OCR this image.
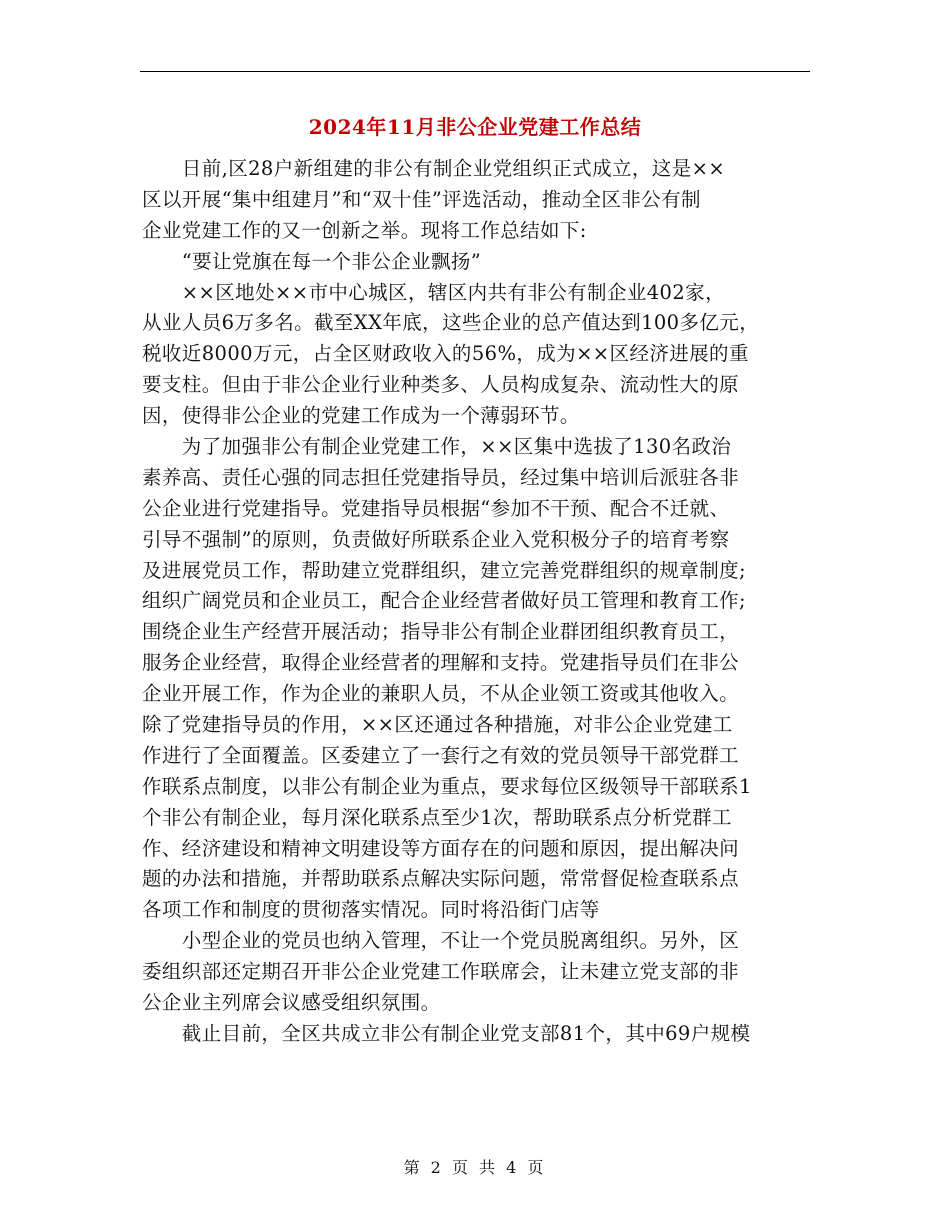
2024年11月非公企业党建工作总结
　　日前,区28户新组建的非公有制企业党组织正式成立，这是××
区以开展“集中组建月”和“双十佳”评选活动，推动全区非公有制
企业党建工作的又一创新之举。现将工作总结如下:
　　“要让党旗在每一个非公企业飘扬”
　　××区地处××市中心城区，辖区内共有非公有制企业402家，
从业人员6万多名。截至XX年底，这些企业的总产值达到100多亿元，
税收近8000万元，占全区财政收入的56%，成为××区经济进展的重
要支柱。但由于非公企业行业种类多、人员构成复杂、流动性大的原
因，使得非公企业的党建工作成为一个薄弱环节。
　　为了加强非公有制企业党建工作，××区集中选拔了130名政治
素养高、责任心强的同志担任党建指导员，经过集中培训后派驻各非
公企业进行党建指导。党建指导员根据“参加不干预、配合不迁就、
引导不强制”的原则，负责做好所联系企业入党积极分子的培育考察
及进展党员工作，帮助建立党群组织，建立完善党群组织的规章制度;
组织广阔党员和企业员工，配合企业经营者做好员工管理和教育工作;
围绕企业生产经营开展活动；指导非公有制企业群团组织教育员工，
服务企业经营，取得企业经营者的理解和支持。党建指导员们在非公
企业开展工作，作为企业的兼职人员，不从企业领工资或其他收入。
除了党建指导员的作用，××区还通过各种措施，对非公企业党建工
作进行了全面覆盖。区委建立了一套行之有效的党员领导干部党群工
作联系点制度，以非公有制企业为重点，要求每位区级领导干部联系1
个非公有制企业，每月深化联系点至少1次，帮助联系点分析党群工
作、经济建设和精神文明建设等方面存在的问题和原因，提出解决问
题的办法和措施，并帮助联系点解决实际问题，常常督促检查联系点
各项工作和制度的贯彻落实情况。同时将沿街门店等
　　小型企业的党员也纳入管理，不让一个党员脱离组织。另外，区
委组织部还定期召开非公企业党建工作联席会，让未建立党支部的非
公企业主列席会议感受组织氛围。
　　截止目前，全区共成立非公有制企业党支部81个，其中69户规模
第 2 页 共 4 页
